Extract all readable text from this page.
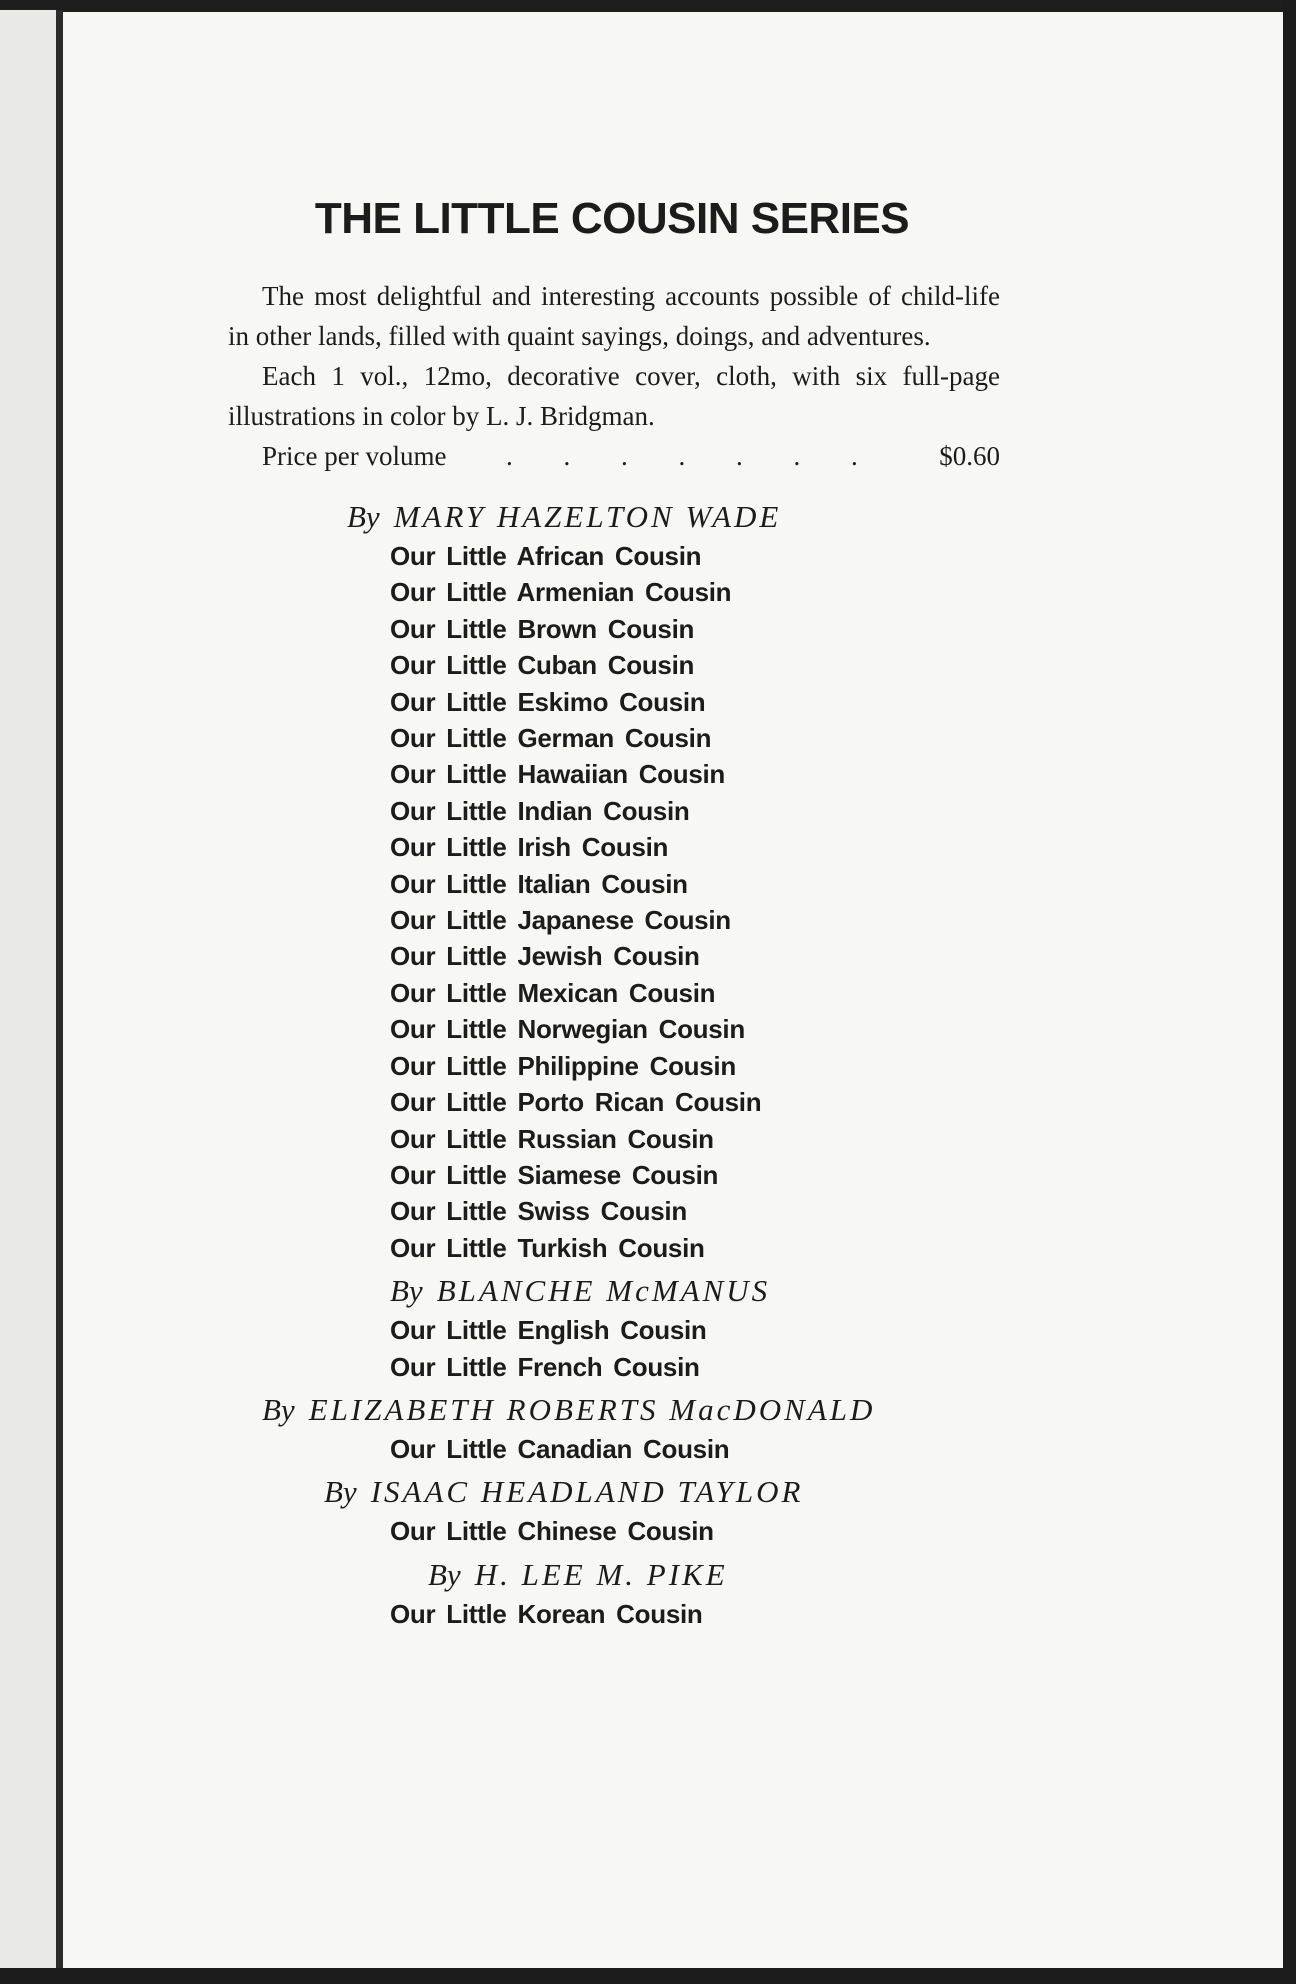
THE LITTLE COUSIN SERIES

The most delightful and interesting accounts possible of child-life in other lands, filled with quaint sayings, doings, and adventures.

Each 1 vol., 12mo, decorative cover, cloth, with six full-page illustrations in color by L. J. Bridgman.

Price per volume	. . . . . . .	$0.60

By MARY HAZELTON WADE

Our Little African Cousin
Our Little Armenian Cousin
Our Little Brown Cousin
Our Little Cuban Cousin
Our Little Eskimo Cousin
Our Little German Cousin
Our Little Hawaiian Cousin
Our Little Indian Cousin
Our Little Irish Cousin
Our Little Italian Cousin
Our Little Japanese Cousin
Our Little Jewish Cousin
Our Little Mexican Cousin
Our Little Norwegian Cousin
Our Little Philippine Cousin
Our Little Porto Rican Cousin
Our Little Russian Cousin
Our Little Siamese Cousin
Our Little Swiss Cousin
Our Little Turkish Cousin

By BLANCHE McMANUS

Our Little English Cousin
Our Little French Cousin

By ELIZABETH ROBERTS MacDONALD

Our Little Canadian Cousin

By ISAAC HEADLAND TAYLOR

Our Little Chinese Cousin

By H. LEE M. PIKE

Our Little Korean Cousin
